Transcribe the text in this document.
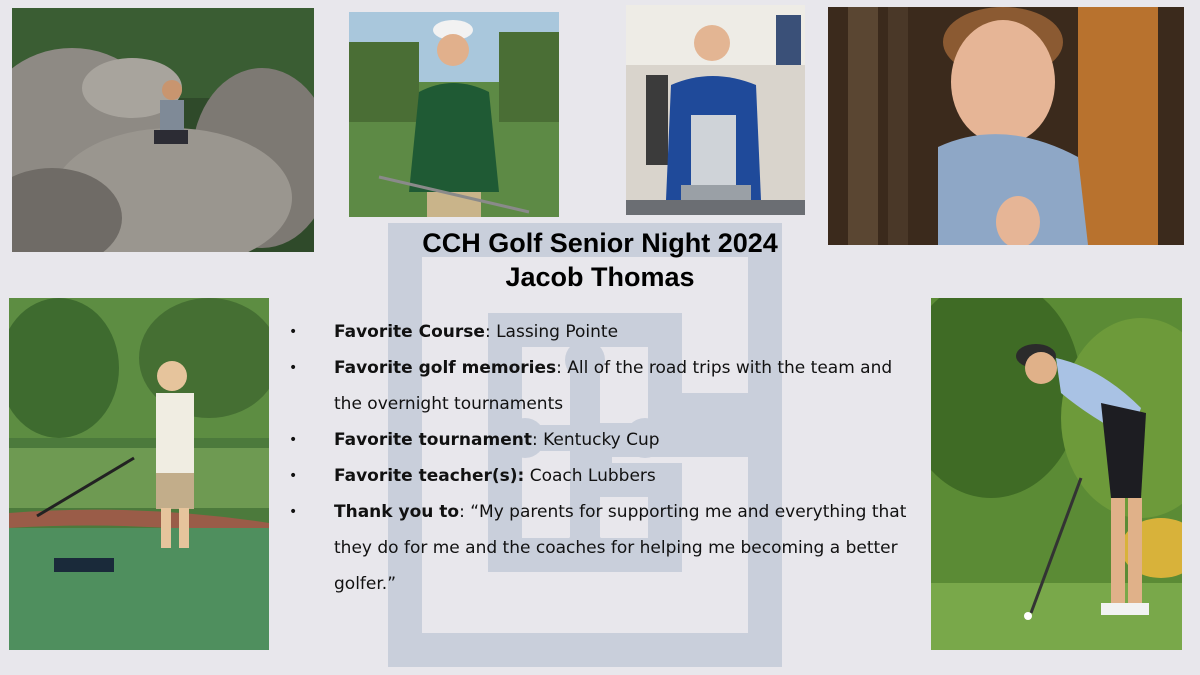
CCH Golf Senior Night 2024

Jacob Thomas

• Favorite Course: Lassing Pointe
• Favorite golf memories: All of the road trips with the team and the overnight tournaments
• Favorite tournament: Kentucky Cup
• Favorite teacher(s): Coach Lubbers
• Thank you to: “My parents for supporting me and everything that they do for me and the coaches for helping me becoming a better golfer.”
